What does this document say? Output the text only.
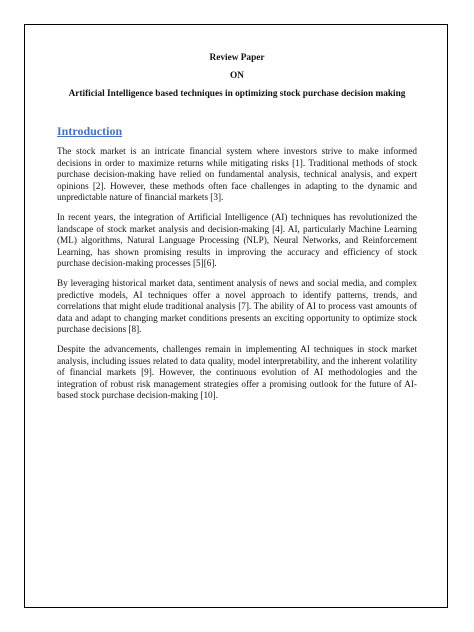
Review Paper

ON

Artificial Intelligence based techniques in optimizing stock purchase decision making

Introduction

The stock market is an intricate financial system where investors strive to make informed decisions in order to maximize returns while mitigating risks [1]. Traditional methods of stock purchase decision-making have relied on fundamental analysis, technical analysis, and expert opinions [2]. However, these methods often face challenges in adapting to the dynamic and unpredictable nature of financial markets [3].

In recent years, the integration of Artificial Intelligence (AI) techniques has revolutionized the landscape of stock market analysis and decision-making [4]. AI, particularly Machine Learning (ML) algorithms, Natural Language Processing (NLP), Neural Networks, and Reinforcement Learning, has shown promising results in improving the accuracy and efficiency of stock purchase decision-making processes [5][6].

By leveraging historical market data, sentiment analysis of news and social media, and complex predictive models, AI techniques offer a novel approach to identify patterns, trends, and correlations that might elude traditional analysis [7]. The ability of AI to process vast amounts of data and adapt to changing market conditions presents an exciting opportunity to optimize stock purchase decisions [8].

Despite the advancements, challenges remain in implementing AI techniques in stock market analysis, including issues related to data quality, model interpretability, and the inherent volatility of financial markets [9]. However, the continuous evolution of AI methodologies and the integration of robust risk management strategies offer a promising outlook for the future of AI-based stock purchase decision-making [10].
